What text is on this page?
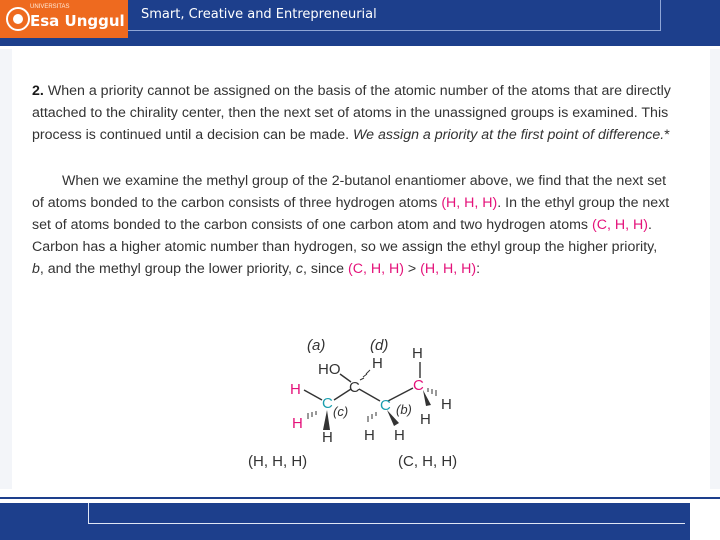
UNIVERSITAS
Esa Unggul Smart, Creative and Entrepreneurial

2. When a priority cannot be assigned on the basis of the atomic number of the atoms that are directly attached to the chirality center, then the next set of atoms in the unassigned groups is examined. This process is continued until a decision can be made. We assign a priority at the first point of difference.*

When we examine the methyl group of the 2-butanol enantiomer above, we find that the next set of atoms bonded to the carbon consists of three hydrogen atoms (H, H, H). In the ethyl group the next set of atoms bonded to the carbon consists of one carbon atom and two hydrogen atoms (C, H, H). Carbon has a higher atomic number than hydrogen, so we assign the ethyl group the higher priority, b, and the methyl group the lower priority, c, since (C, H, H) > (H, H, H):

(a)	(d)
HO H
H
C
H
H
H H H
(c)	(b)
H
H
C	C
C
(H, H, H)	(C, H, H)
